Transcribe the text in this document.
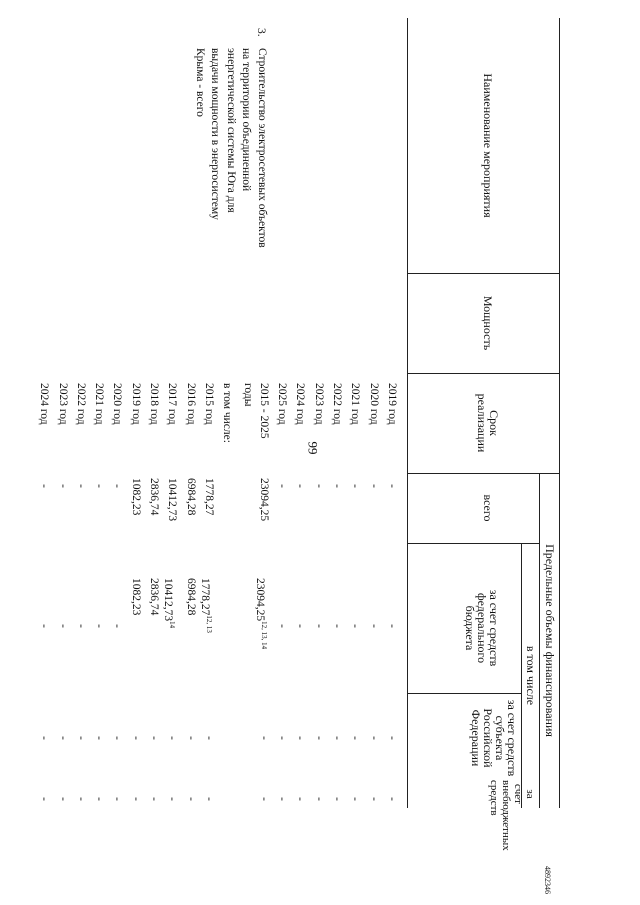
99
4892346
Наименование мероприятия
Мощность
Срок реализации
Предельные объемы финансирования
всего
в том числе
за счет средств федерального бюджета
за счет средств субъекта Российской Федерации
за счет внебюджетных средств
2019 год
-
-
-
-
2020 год
-
-
-
-
2021 год
-
-
-
-
2022 год
-
-
-
-
2023 год
-
-
-
-
2024 год
-
-
-
-
2025 год
-
-
-
-
3.
Строительство электросетевых объектов на территории объединенной энергетической системы Юга для выдачи мощности в энергосистему Крыма - всего
2015 - 2025 годы
23094,25
23094,25$^{12, 13, 14}$
-
-
в том числе:
2015 год
1778,27
1778,27$^{12, 13}$
-
-
2016 год
6984,28
6984,28
-
-
2017 год
10412,73
10412,73$^{14}$
-
-
2018 год
2836,74
2836,74
-
-
2019 год
1082,23
1082,23
-
-
2020 год
-
-
-
-
2021 год
-
-
-
-
2022 год
-
-
-
-
2023 год
-
-
-
-
2024 год
-
-
-
-
